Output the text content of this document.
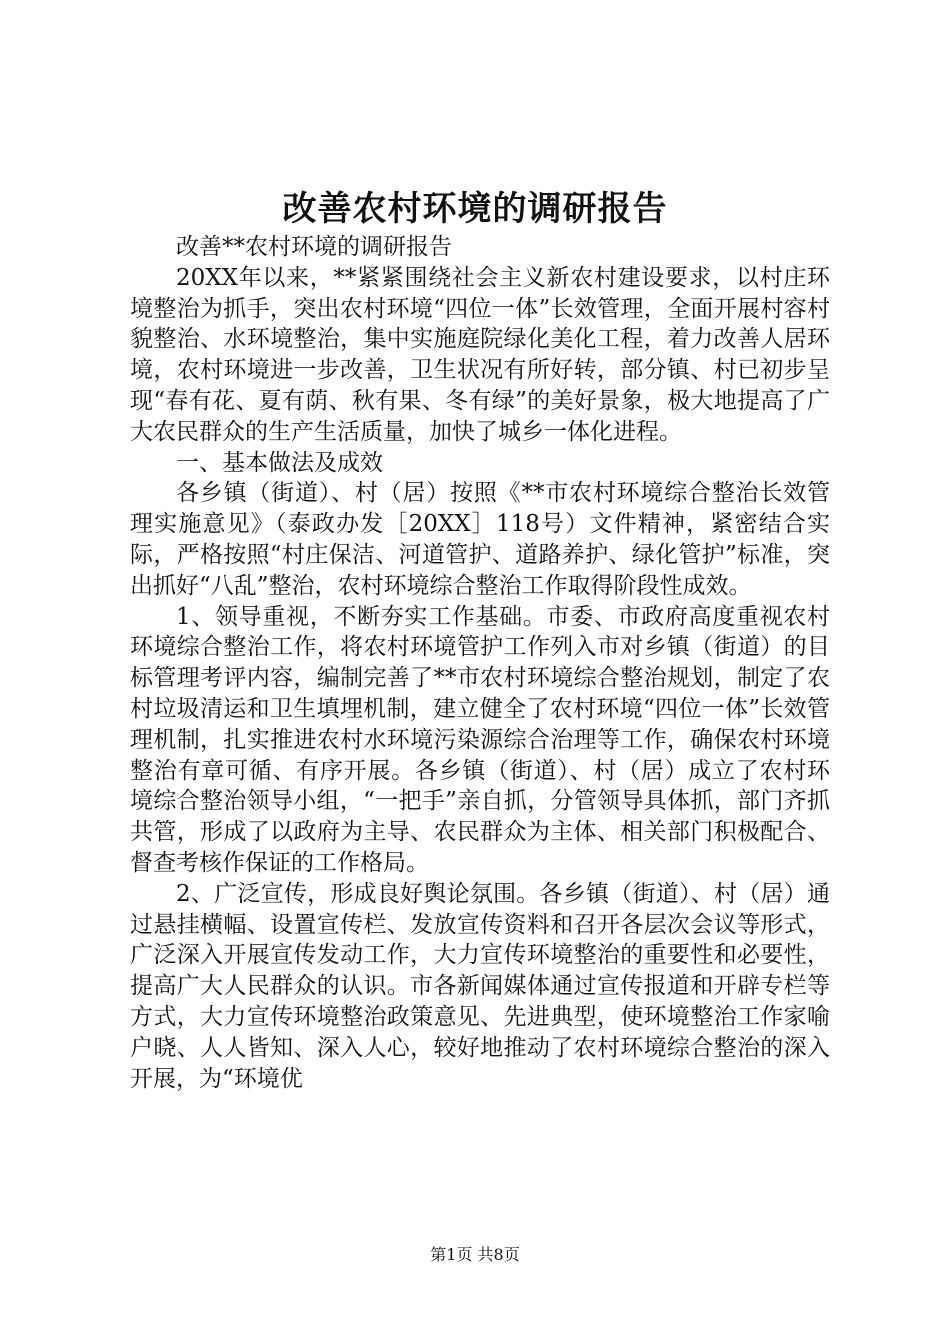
改善农村环境的调研报告

改善**农村环境的调研报告

20XX年以来，**紧紧围绕社会主义新农村建设要求，以村庄环境整治为抓手，突出农村环境“四位一体”长效管理，全面开展村容村貌整治、水环境整治，集中实施庭院绿化美化工程，着力改善人居环境，农村环境进一步改善，卫生状况有所好转，部分镇、村已初步呈现“春有花、夏有荫、秋有果、冬有绿”的美好景象，极大地提高了广大农民群众的生产生活质量，加快了城乡一体化进程。

一、基本做法及成效

各乡镇（街道）、村（居）按照《**市农村环境综合整治长效管理实施意见》（泰政办发［20XX］118号）文件精神，紧密结合实际，严格按照“村庄保洁、河道管护、道路养护、绿化管护”标准，突出抓好“八乱”整治，农村环境综合整治工作取得阶段性成效。

1、领导重视，不断夯实工作基础。市委、市政府高度重视农村环境综合整治工作，将农村环境管护工作列入市对乡镇（街道）的目标管理考评内容，编制完善了**市农村环境综合整治规划，制定了农村垃圾清运和卫生填埋机制，建立健全了农村环境“四位一体”长效管理机制，扎实推进农村水环境污染源综合治理等工作，确保农村环境整治有章可循、有序开展。各乡镇（街道）、村（居）成立了农村环境综合整治领导小组，“一把手”亲自抓，分管领导具体抓，部门齐抓共管，形成了以政府为主导、农民群众为主体、相关部门积极配合、督查考核作保证的工作格局。

2、广泛宣传，形成良好舆论氛围。各乡镇（街道）、村（居）通过悬挂横幅、设置宣传栏、发放宣传资料和召开各层次会议等形式，广泛深入开展宣传发动工作，大力宣传环境整治的重要性和必要性，提高广大人民群众的认识。市各新闻媒体通过宣传报道和开辟专栏等方式，大力宣传环境整治政策意见、先进典型，使环境整治工作家喻户晓、人人皆知、深入人心，较好地推动了农村环境综合整治的深入开展，为“环境优

第1页 共8页
